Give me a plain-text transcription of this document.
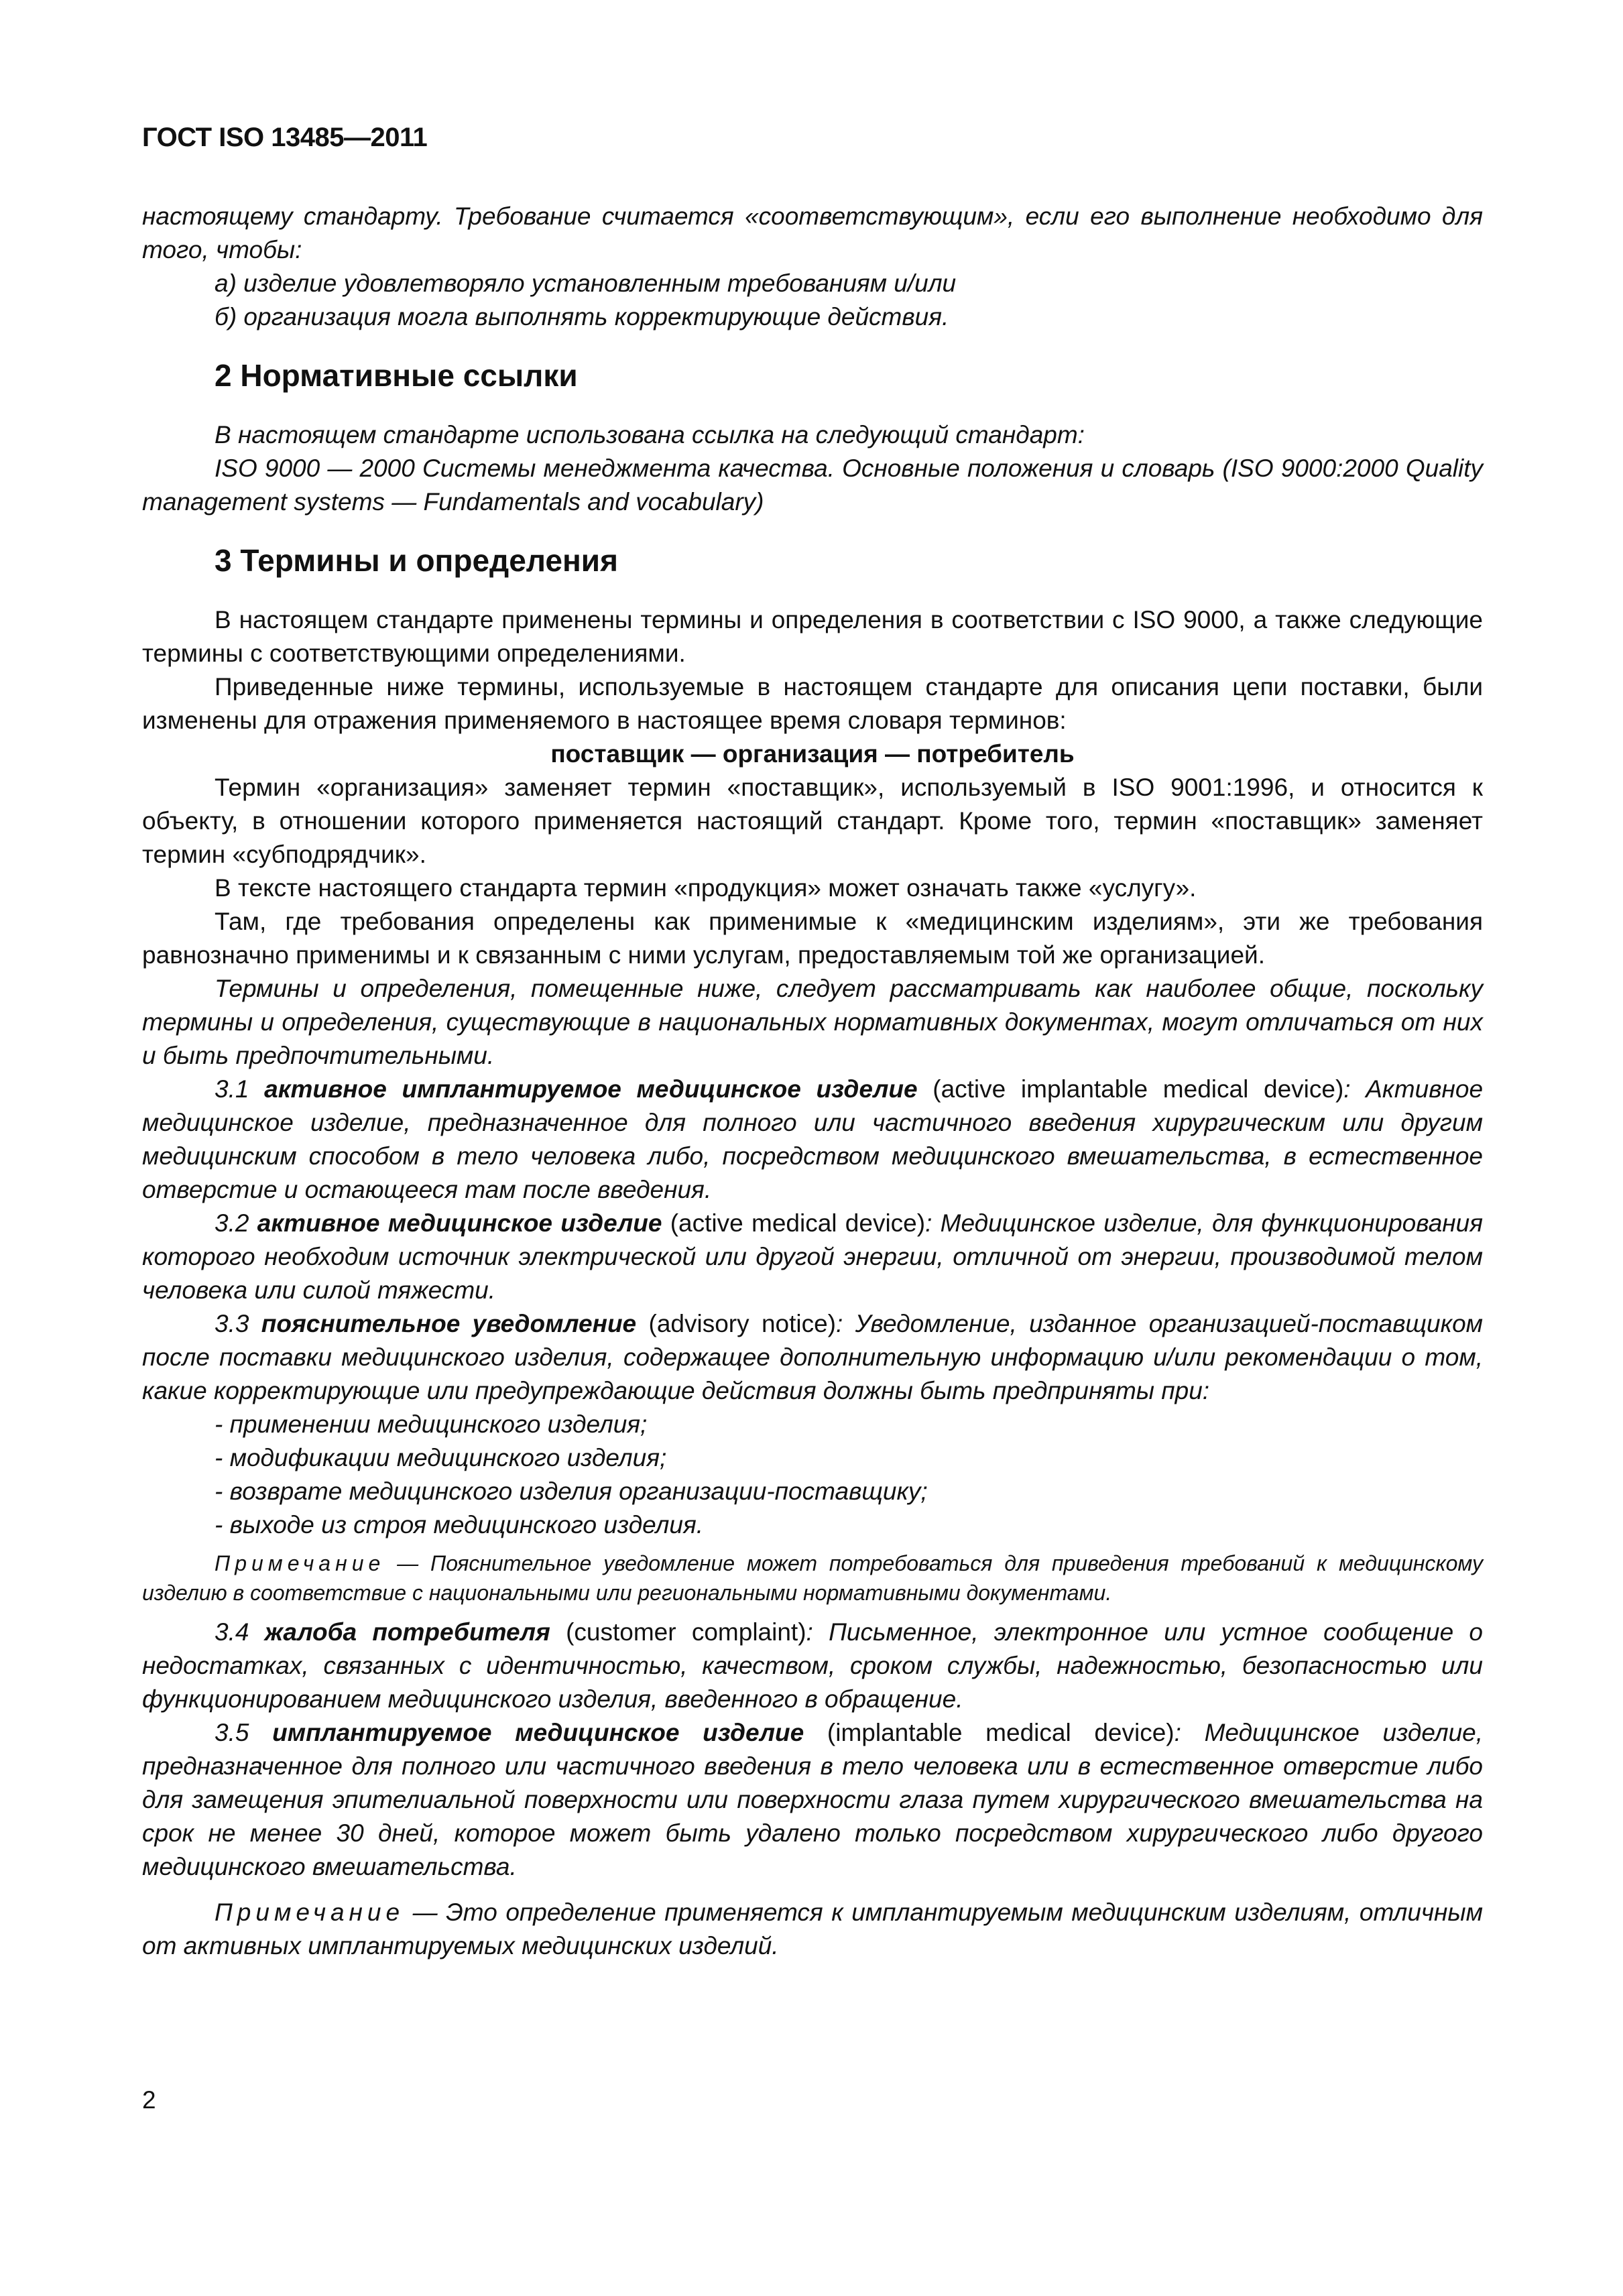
ГОСТ ISO 13485—2011

настоящему стандарту. Требование считается «соответствующим», если его выполнение необходимо для того, чтобы:

а) изделие удовлетворяло установленным требованиям и/или

б) организация могла выполнять корректирующие действия.

2 Нормативные ссылки

В настоящем стандарте использована ссылка на следующий стандарт:

ISO 9000 — 2000 Системы менеджмента качества. Основные положения и словарь (ISO 9000:2000 Quality management systems — Fundamentals and vocabulary)

3 Термины и определения

В настоящем стандарте применены термины и определения в соответствии с ISO 9000, а также следующие термины с соответствующими определениями.

Приведенные ниже термины, используемые в настоящем стандарте для описания цепи поставки, были изменены для отражения применяемого в настоящее время словаря терминов:

поставщик — организация — потребитель

Термин «организация» заменяет термин «поставщик», используемый в ISO 9001:1996, и относится к объекту, в отношении которого применяется настоящий стандарт. Кроме того, термин «поставщик» заменяет термин «субподрядчик».

В тексте настоящего стандарта термин «продукция» может означать также «услугу».

Там, где требования определены как применимые к «медицинским изделиям», эти же требования равнозначно применимы и к связанным с ними услугам, предоставляемым той же организацией.

Термины и определения, помещенные ниже, следует рассматривать как наиболее общие, поскольку термины и определения, существующие в национальных нормативных документах, могут отличаться от них и быть предпочтительными.

3.1 активное имплантируемое медицинское изделие (active implantable medical device): Активное медицинское изделие, предназначенное для полного или частичного введения хирургическим или другим медицинским способом в тело человека либо, посредством медицинского вмешательства, в естественное отверстие и остающееся там после введения.

3.2 активное медицинское изделие (active medical device): Медицинское изделие, для функционирования которого необходим источник электрической или другой энергии, отличной от энергии, производимой телом человека или силой тяжести.

3.3 пояснительное уведомление (advisory notice): Уведомление, изданное организацией-поставщиком после поставки медицинского изделия, содержащее дополнительную информацию и/или рекомендации о том, какие корректирующие или предупреждающие действия должны быть предприняты при:

- применении медицинского изделия;

- модификации медицинского изделия;

- возврате медицинского изделия организации-поставщику;

- выходе из строя медицинского изделия.

Примечание — Пояснительное уведомление может потребоваться для приведения требований к медицинскому изделию в соответствие с национальными или региональными нормативными документами.

3.4 жалоба потребителя (customer complaint): Письменное, электронное или устное сообщение о недостатках, связанных с идентичностью, качеством, сроком службы, надежностью, безопасностью или функционированием медицинского изделия, введенного в обращение.

3.5 имплантируемое медицинское изделие (implantable medical device): Медицинское изделие, предназначенное для полного или частичного введения в тело человека или в естественное отверстие либо для замещения эпителиальной поверхности или поверхности глаза путем хирургического вмешательства на срок не менее 30 дней, которое может быть удалено только посредством хирургического либо другого медицинского вмешательства.

Примечание — Это определение применяется к имплантируемым медицинским изделиям, отличным от активных имплантируемых медицинских изделий.

2
